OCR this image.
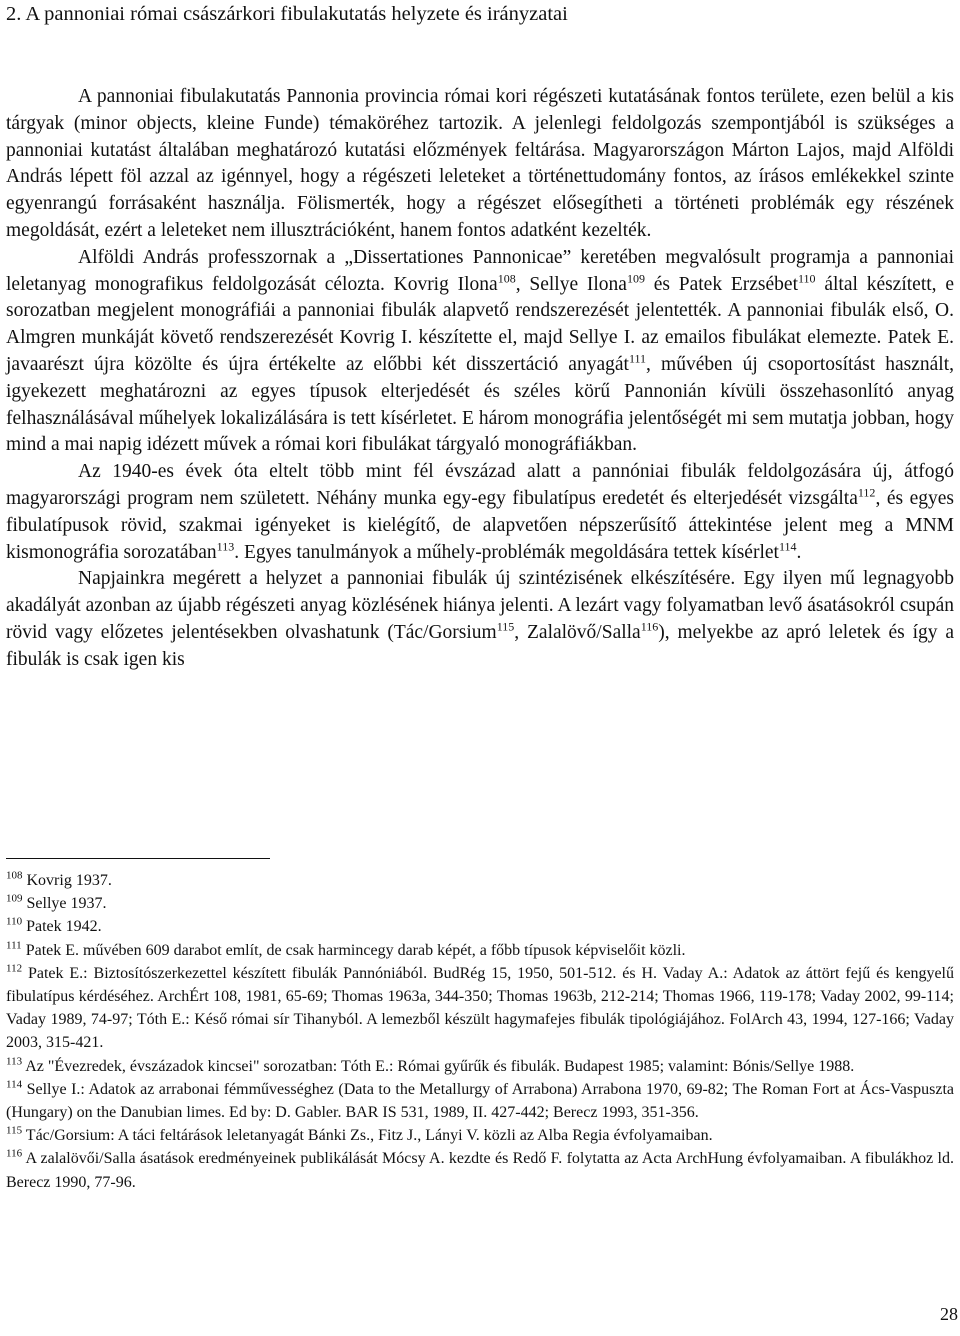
2. A pannoniai római császárkori fibulakutatás helyzete és irányzatai

A pannoniai fibulakutatás Pannonia provincia római kori régészeti kutatásának fontos területe, ezen belül a kis tárgyak (minor objects, kleine Funde) témaköréhez tartozik. A jelenlegi feldolgozás szempontjából is szükséges a pannoniai kutatást általában meghatározó kutatási előzmények feltárása. Magyarországon Márton Lajos, majd Alföldi András lépett föl azzal az igénnyel, hogy a régészeti leleteket a történettudomány fontos, az írásos emlékekkel szinte egyenrangú forrásaként használja. Fölismerték, hogy a régészet elősegítheti a történeti problémák egy részének megoldását, ezért a leleteket nem illusztrációként, hanem fontos adatként kezelték.

Alföldi András professzornak a „Dissertationes Pannonicae” keretében megvalósult programja a pannoniai leletanyag monografikus feldolgozását célozta. Kovrig Ilona$^{108}$, Sellye Ilona$^{109}$ és Patek Erzsébet$^{110}$ által készített, e sorozatban megjelent monográfiái a pannoniai fibulák alapvető rendszerezését jelentették. A pannoniai fibulák első, O. Almgren munkáját követő rendszerezését Kovrig I. készítette el, majd Sellye I. az emailos fibulákat elemezte. Patek E. javaarészt újra közölte és újra értékelte az előbbi két disszertáció anyagát$^{111}$, művében új csoportosítást használt, igyekezett meghatározni az egyes típusok elterjedését és széles körű Pannonián kívüli összehasonlító anyag felhasználásával műhelyek lokalizálására is tett kísérletet. E három monográfia jelentőségét mi sem mutatja jobban, hogy mind a mai napig idézett művek a római kori fibulákat tárgyaló monográfiákban.

Az 1940-es évek óta eltelt több mint fél évszázad alatt a pannóniai fibulák feldolgozására új, átfogó magyarországi program nem született. Néhány munka egy-egy fibulatípus eredetét és elterjedését vizsgálta$^{112}$, és egyes fibulatípusok rövid, szakmai igényeket is kielégítő, de alapvetően népszerűsítő áttekintése jelent meg a MNM kismonográfia sorozatában$^{113}$. Egyes tanulmányok a műhely-problémák megoldására tettek kísérlet$^{114}$.

Napjainkra megérett a helyzet a pannoniai fibulák új szintézisének elkészítésére. Egy ilyen mű legnagyobb akadályát azonban az újabb régészeti anyag közlésének hiánya jelenti. A lezárt vagy folyamatban levő ásatásokról csupán rövid vagy előzetes jelentésekben olvashatunk (Tác/Gorsium$^{115}$, Zalalövő/Salla$^{116}$), melyekbe az apró leletek és így a fibulák is csak igen kis

$^{108}$ Kovrig 1937.
$^{109}$ Sellye 1937.
$^{110}$ Patek 1942.
$^{111}$ Patek E. művében 609 darabot említ, de csak harmincegy darab képét, a főbb típusok képviselőit közli.
$^{112}$ Patek E.: Biztosítószerkezettel készített fibulák Pannóniából. BudRég 15, 1950, 501-512. és H. Vaday A.: Adatok az áttört fejű és kengyelű fibulatípus kérdéséhez. ArchÉrt 108, 1981, 65-69; Thomas 1963a, 344-350; Thomas 1963b, 212-214; Thomas 1966, 119-178; Vaday 2002, 99-114; Vaday 1989, 74-97; Tóth E.: Késő római sír Tihanyból. A lemezből készült hagymafejes fibulák tipológiájához. FolArch 43, 1994, 127-166; Vaday 2003, 315-421.
$^{113}$ Az "Évezredek, évszázadok kincsei" sorozatban: Tóth E.: Római gyűrűk és fibulák. Budapest 1985; valamint: Bónis/Sellye 1988.
$^{114}$ Sellye I.: Adatok az arrabonai fémművességhez (Data to the Metallurgy of Arrabona) Arrabona 1970, 69-82; The Roman Fort at Ács-Vaspuszta (Hungary) on the Danubian limes. Ed by: D. Gabler. BAR IS 531, 1989, II. 427-442; Berecz 1993, 351-356.
$^{115}$ Tác/Gorsium: A táci feltárások leletanyagát Bánki Zs., Fitz J., Lányi V. közli az Alba Regia évfolyamaiban.
$^{116}$ A zalalövői/Salla ásatások eredményeinek publikálását Mócsy A. kezdte és Redő F. folytatta az Acta ArchHung évfolyamaiban. A fibulákhoz ld. Berecz 1990, 77-96.
28
